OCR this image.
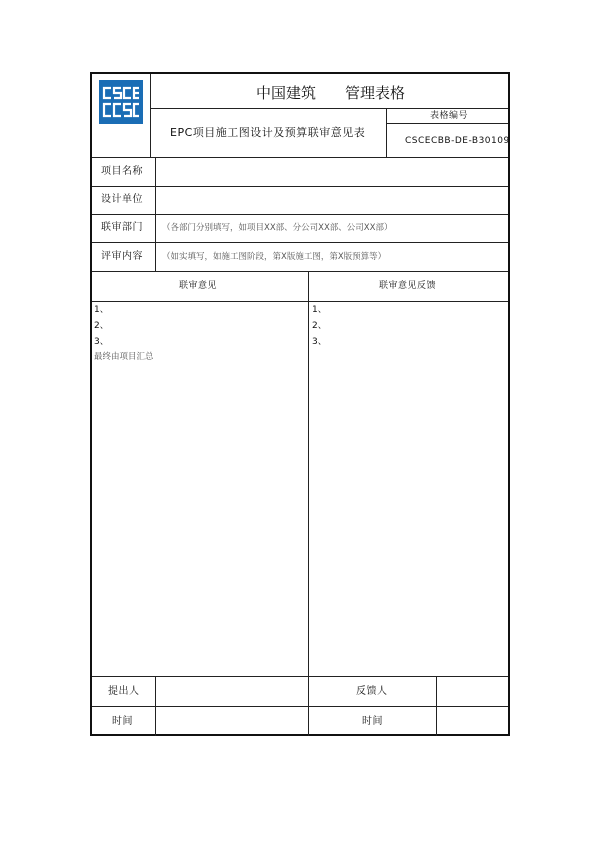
中国建筑 管理表格
EPC项目施工图设计及预算联审意见表
表格编号
CSCECBB-DE-B30109
项目名称
设计单位
联审部门 （各部门分别填写，如项目XX部、分公司XX部、公司XX部）
评审内容 （如实填写，如施工图阶段，第X版施工图，第X版预算等）
联审意见	联审意见反馈
1、
2、
3、
最终由项目汇总
1、
2、
3、
提出人	反馈人
时间	时间
